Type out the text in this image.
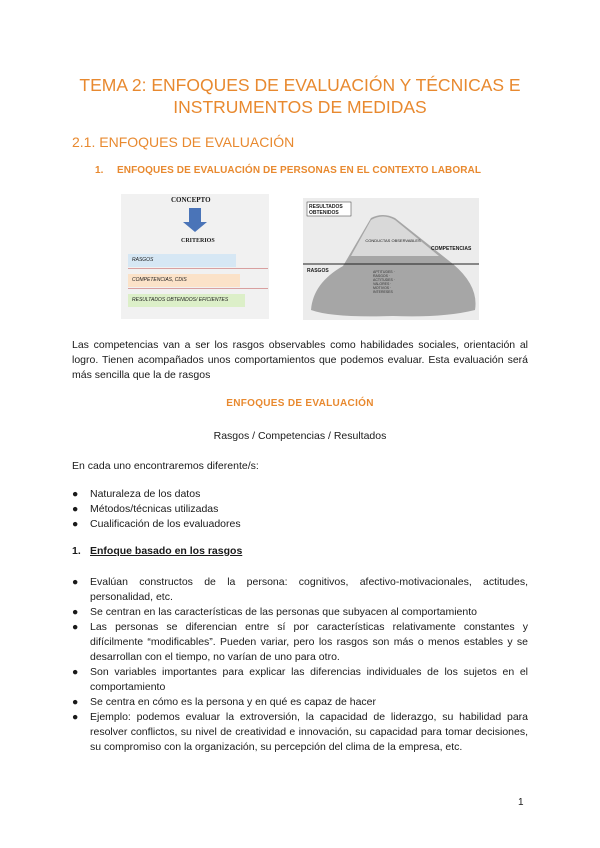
TEMA 2: ENFOQUES DE EVALUACIÓN Y TÉCNICAS E INSTRUMENTOS DE MEDIDAS
2.1. ENFOQUES DE EVALUACIÓN
1. ENFOQUES DE EVALUACIÓN DE PERSONAS EN EL CONTEXTO LABORAL
CONCEPTO
CRITERIOS
RASGOS
COMPETENCIAS, CDIS
RESULTADOS OBTENIDOS/ EFICIENTES
RESULTADOS OBTENIDOS
CONDUCTAS OBSERVABLES
COMPETENCIAS
RASGOS	APTITUDES · RASGOS · ACTITUDES · VALORES · MOTIVOS · INTERESES

Las competencias van a ser los rasgos observables como habilidades sociales, orientación al logro. Tienen acompañados unos comportamientos que podemos evaluar. Esta evaluación será más sencilla que la de rasgos

ENFOQUES DE EVALUACIÓN
Rasgos / Competencias / Resultados
En cada uno encontraremos diferente/s:
● Naturaleza de los datos
● Métodos/técnicas utilizadas
● Cualificación de los evaluadores
1. Enfoque basado en los rasgos
● Evalúan constructos de la persona: cognitivos, afectivo-motivacionales, actitudes, personalidad, etc.
● Se centran en las características de las personas que subyacen al comportamiento
● Las personas se diferencian entre sí por características relativamente constantes y difícilmente “modificables”. Pueden variar, pero los rasgos son más o menos estables y se desarrollan con el tiempo, no varían de uno para otro.
● Son variables importantes para explicar las diferencias individuales de los sujetos en el comportamiento
● Se centra en cómo es la persona y en qué es capaz de hacer
● Ejemplo: podemos evaluar la extroversión, la capacidad de liderazgo, su habilidad para resolver conflictos, su nivel de creatividad e innovación, su capacidad para tomar decisiones, su compromiso con la organización, su percepción del clima de la empresa, etc.
1
